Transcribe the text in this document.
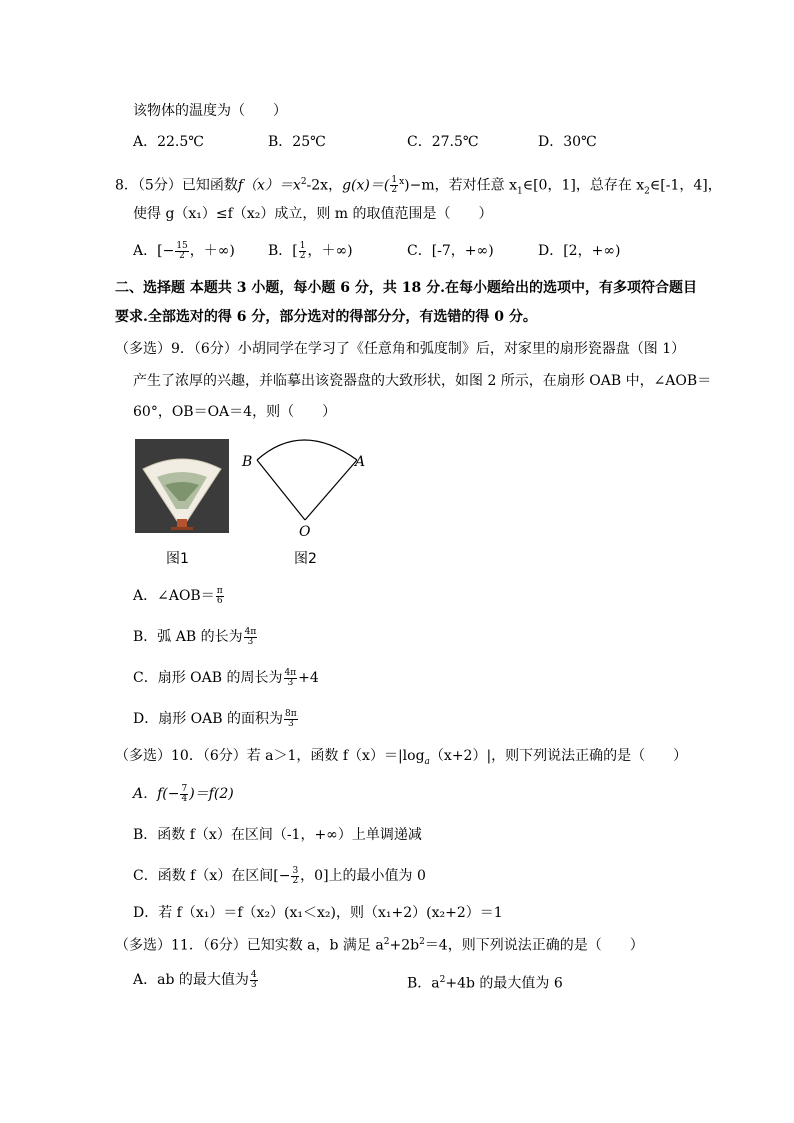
该物体的温度为（　　）
A．22.5℃	B．25℃	C．27.5℃	D．30℃
8．（5分）已知函数$f(x)=x^2-2x$，$g(x)=( \frac{1}{2} ^x)-m$，若对任意 $x_1\in[0$，1]，总存在 $x_2\in[-1$，4]，
使得 g（x₁）≤f（x₂）成立，则 m 的取值范围是（　　）
A．[− $\frac{15}{2}$ ，＋∞) B．[ $\frac{1}{2}$ ，＋∞)	C．[-7，+∞)	D．[2，+∞)
二、选择题 本题共 3 小题，每小题 6 分，共 18 分.在每小题给出的选项中，有多项符合题目
要求.全部选对的得 6 分，部分选对的得部分分，有选错的得 0 分。
（多选）9．（6分）小胡同学在学习了《任意角和弧度制》后，对家里的扇形瓷器盘（图 1）
产生了浓厚的兴趣，并临摹出该瓷器盘的大致形状，如图 2 所示，在扇形 OAB 中，∠AOB＝
60°，OB＝OA＝4，则（　　）
B	A
O
图1	图2
A．∠AOB＝ $\frac{\pi}{6}$
B．弧 AB 的长为 $\frac{4\pi}{3}$
C．扇形 OAB 的周长为 $\frac{4\pi}{3} +4$
D．扇形 OAB 的面积为 $\frac{8\pi}{3}$
（多选）10．（6分）若 a＞1，函数 $f(x)=|\log_a(x+2)|$，则下列说法正确的是（　　）
A．$f(- \frac{7}{4} )=f(2)$
B．函数 f（x）在区间（-1，+∞）上单调递减
C．函数 f（x）在区间[− $\frac{3}{2}$ ，0]上的最小值为 0
D．若 f（x₁）＝f（x₂）(x₁＜x₂)，则（x₁+2）(x₂+2）＝1
（多选）11．（6分）已知实数 a，b 满足 $a^2+2b^2=4$，则下列说法正确的是（　　）
A．ab 的最大值为 $\frac{4}{3}$	B．$a^2+4b$ 的最大值为 6
